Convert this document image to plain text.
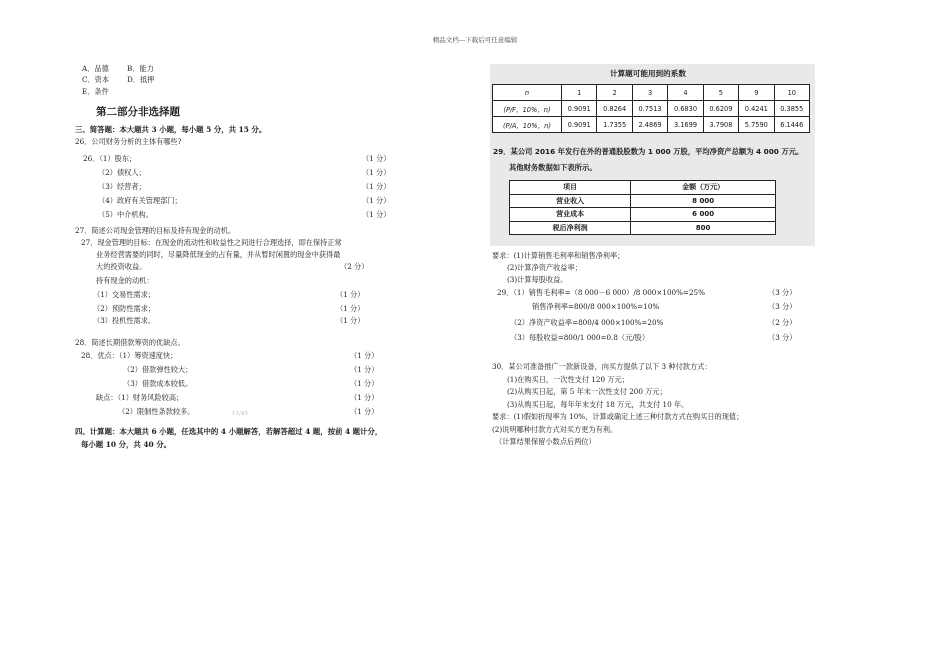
精品文档---下载后可任意编辑
​
A．品德	B．能力
C．资本 D．抵押
E．条件
第二部分非选择题
三、简答题：本大题共 3 小题，每小题 5 分，共 15 分。
26．公司财务分析的主体有哪些?
26．（1）股东；	（1 分）
（2）债权人；	（1 分）
（3）经营者；	（1 分）
（4）政府有关管理部门；	（1 分）
（5）中介机构。	（1 分）
27．简述公司现金管理的目标及持有现金的动机。
27．现金管理的目标：在现金的流动性和收益性之间进行合理选择，即在保持正常
业务经营需要的同时，尽量降低现金的占有量，并从暂时闲置的现金中获得最
大的投资收益。	（2 分）
持有现金的动机：
（1）交易性需求；	（1 分）
（2）预防性需求；	（1 分）
（3）投机性需求。	（1 分）
28．简述长期借款筹资的优缺点。
28．优点：（1）筹资速度快；	（1 分）
（2）借款弹性较大；	（1 分）
（3）借款成本较低。	（1 分）
缺点：（1）财务风险较高；	（1 分）
（2）限制性条款较多。	（1 分）
11/45
四、计算题：本大题共 6 小题，任选其中的 4 小题解答，若解答超过 4 题，按前 4 题计分，
每小题 10 分，共 40 分。
计算题可能用到的系数
n	1	2	3	4	5	9	10
(P/F，10%，n)	0.9091	0.8264	0.7513	0.6830	0.6209	0.4241	0.3855
(P/A，10%，n)	0.9091	1.7355	2.4869	3.1699	3.7908	5.7590	6.1446
29．某公司 2016 年发行在外的普通股股数为 1 000 万股，平均净资产总额为 4 000 万元。
其他财务数据如下表所示。
项目	金额（万元）
营业收入	8 000
营业成本	6 000
税后净利润	800
要求：(1)计算销售毛利率和销售净利率；
(2)计算净资产收益率；
(3)计算每股收益。
29．（1）销售毛利率=（8 000－6 000）/8 000×100%=25%	（3 分）
销售净利率=800/8 000×100%=10%	（3 分）
（2）净资产收益率=800/4 000×100%=20%	（2 分）
（3）每股收益=800/1 000=0.8（元/股）	（3 分）
30．某公司准备推广一款新设备，向买方提供了以下 3 种付款方式：
(1)在购买日，一次性支付 120 万元；
(2)从购买日起，第 5 年末一次性支付 200 万元；
(3)从购买日起，每年年末支付 18 万元，共支付 10 年。
要求：(1)假如折现率为 10%，计算或确定上述三种付款方式在购买日的现值；
(2)说明哪种付款方式对买方更为有利。
（计算结果保留小数点后两位）
